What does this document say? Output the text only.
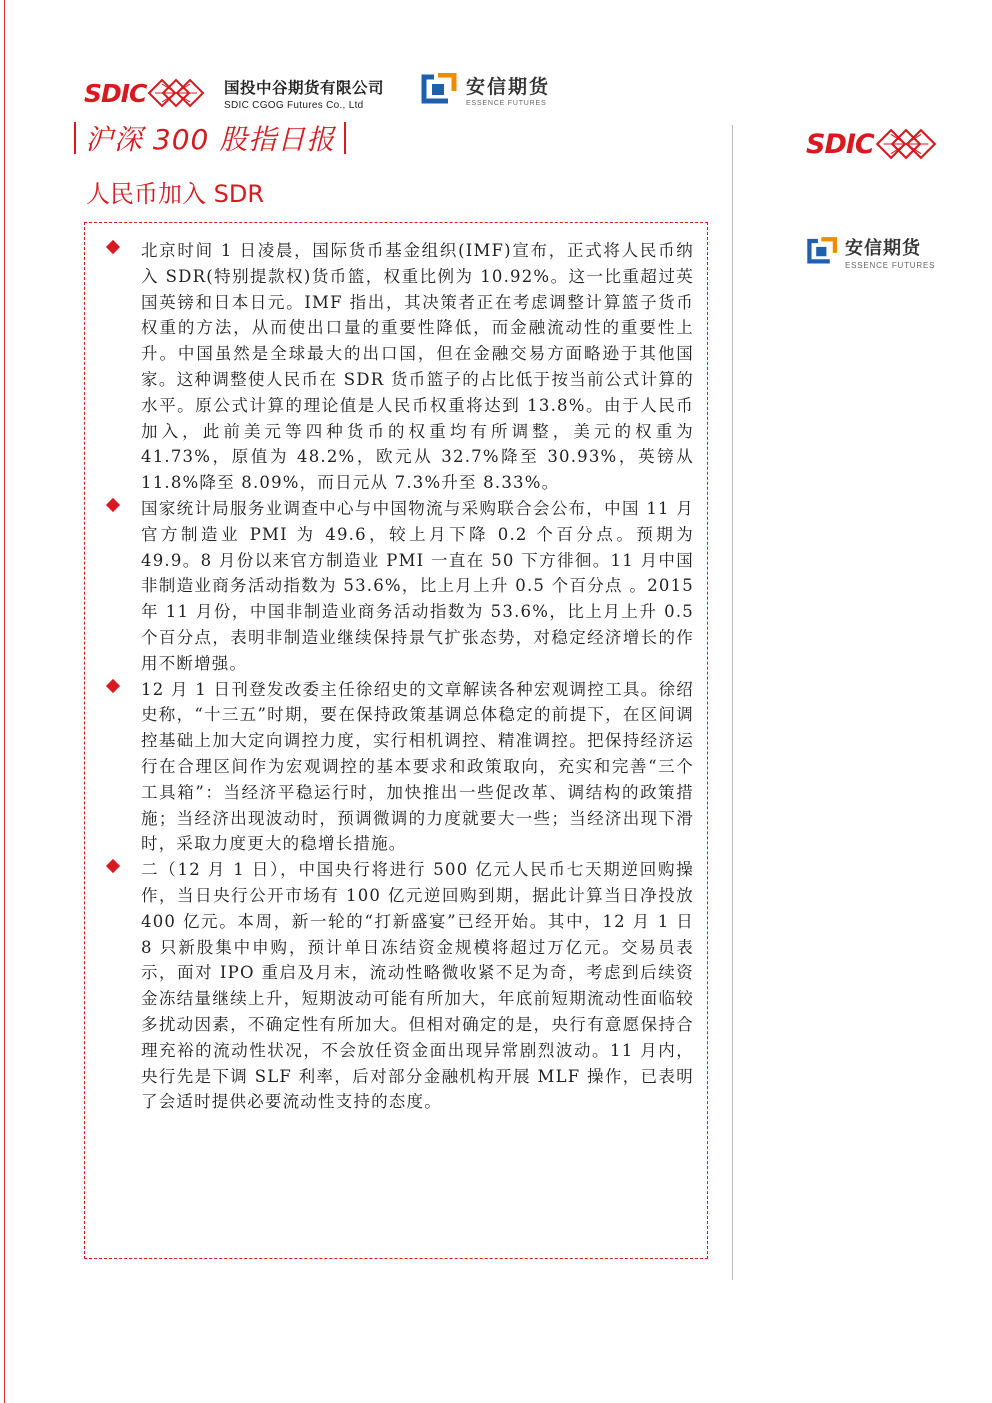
SDIC	国投中谷期货有限公司
SDIC CGOG Futures Co., Ltd
安信期货
ESSENCE FUTURES
沪深 300 股指日报
人民币加入 SDR
SDIC
安信期货
ESSENCE FUTURES
北京时间 1 日凌晨，国际货币基金组织(IMF)宣布，正式将人民币纳入 SDR(特别提款权)货币篮，权重比例为 10.92%。这一比重超过英国英镑和日本日元。IMF 指出，其决策者正在考虑调整计算篮子货币权重的方法，从而使出口量的重要性降低，而金融流动性的重要性上升。中国虽然是全球最大的出口国，但在金融交易方面略逊于其他国家。这种调整使人民币在 SDR 货币篮子的占比低于按当前公式计算的水平。原公式计算的理论值是人民币权重将达到 13.8%。由于人民币加入，此前美元等四种货币的权重均有所调整，美元的权重为 41.73%，原值为 48.2%，欧元从 32.7%降至 30.93%，英镑从 11.8%降至 8.09%，而日元从 7.3%升至 8.33%。
国家统计局服务业调查中心与中国物流与采购联合会公布，中国 11 月官方制造业 PMI 为 49.6，较上月下降 0.2 个百分点。预期为 49.9。8 月份以来官方制造业 PMI 一直在 50 下方徘徊。11 月中国非制造业商务活动指数为 53.6%，比上月上升 0.5 个百分点 。2015 年 11 月份，中国非制造业商务活动指数为 53.6%，比上月上升 0.5 个百分点，表明非制造业继续保持景气扩张态势，对稳定经济增长的作用不断增强。
12 月 1 日刊登发改委主任徐绍史的文章解读各种宏观调控工具。徐绍史称，“十三五”时期，要在保持政策基调总体稳定的前提下，在区间调控基础上加大定向调控力度，实行相机调控、精准调控。把保持经济运行在合理区间作为宏观调控的基本要求和政策取向，充实和完善“三个工具箱”：当经济平稳运行时，加快推出一些促改革、调结构的政策措施；当经济出现波动时，预调微调的力度就要大一些；当经济出现下滑时，采取力度更大的稳增长措施。
二（12 月 1 日），中国央行将进行 500 亿元人民币七天期逆回购操作，当日央行公开市场有 100 亿元逆回购到期，据此计算当日净投放 400 亿元。本周，新一轮的“打新盛宴”已经开始。其中，12 月 1 日 8 只新股集中申购，预计单日冻结资金规模将超过万亿元。交易员表示，面对 IPO 重启及月末，流动性略微收紧不足为奇，考虑到后续资金冻结量继续上升，短期波动可能有所加大，年底前短期流动性面临较多扰动因素，不确定性有所加大。但相对确定的是，央行有意愿保持合理充裕的流动性状况，不会放任资金面出现异常剧烈波动。11 月内，央行先是下调 SLF 利率，后对部分金融机构开展 MLF 操作，已表明了会适时提供必要流动性支持的态度。
